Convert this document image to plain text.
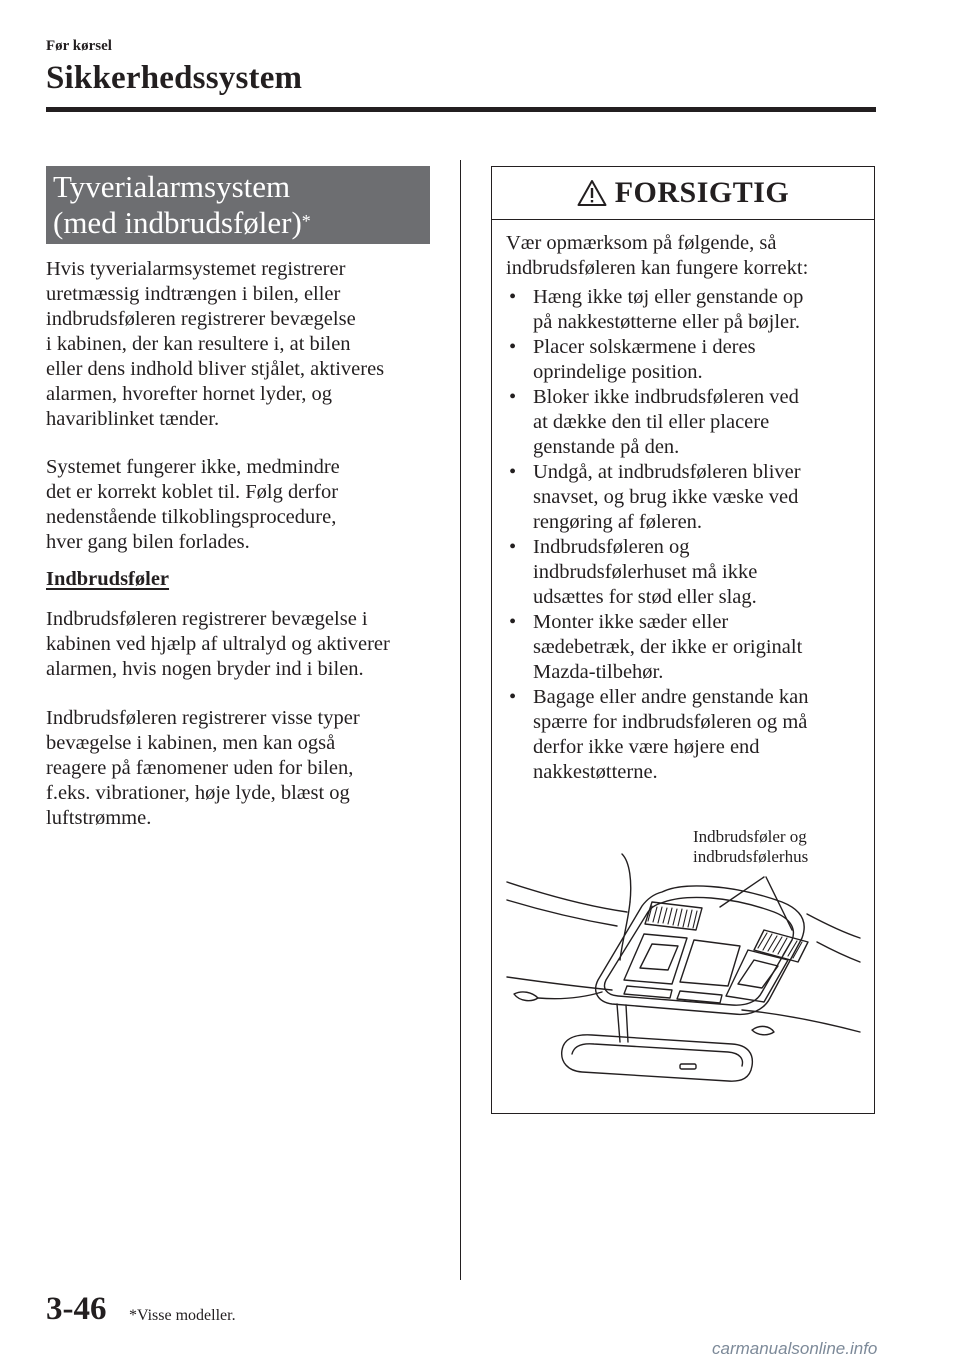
Før kørsel
Sikkerhedssystem
Tyverialarmsystem
(med indbrudsføler)*

Hvis tyverialarmsystemet registrerer
uretmæssig indtrængen i bilen, eller
indbrudsføleren registrerer bevægelse
i kabinen, der kan resultere i, at bilen
eller dens indhold bliver stjålet, aktiveres
alarmen, hvorefter hornet lyder, og
havariblinket tænder.

Systemet fungerer ikke, medmindre
det er korrekt koblet til. Følg derfor
nedenstående tilkoblingsprocedure,
hver gang bilen forlades.

Indbrudsføler

Indbrudsføleren registrerer bevægelse i
kabinen ved hjælp af ultralyd og aktiverer
alarmen, hvis nogen bryder ind i bilen.

Indbrudsføleren registrerer visse typer
bevægelse i kabinen, men kan også
reagere på fænomener uden for bilen,
f.eks. vibrationer, høje lyde, blæst og
luftstrømme.

FORSIGTIG

Vær opmærksom på følgende, så
indbrudsføleren kan fungere korrekt:

• Hæng ikke tøj eller genstande op
på nakkestøtterne eller på bøjler.
• Placer solskærmene i deres
oprindelige position.
• Bloker ikke indbrudsføleren ved
at dække den til eller placere
genstande på den.
• Undgå, at indbrudsføleren bliver
snavset, og brug ikke væske ved
rengøring af føleren.
• Indbrudsføleren og
indbrudsfølerhuset må ikke
udsættes for stød eller slag.
• Monter ikke sæder eller
sædebetræk, der ikke er originalt
Mazda-tilbehør.
• Bagage eller andre genstande kan
spærre for indbrudsføleren og må
derfor ikke være højere end
nakkestøtterne.
Indbrudsføler og
indbrudsfølerhus
3-46 *Visse modeller.
carmanualsonline.info
